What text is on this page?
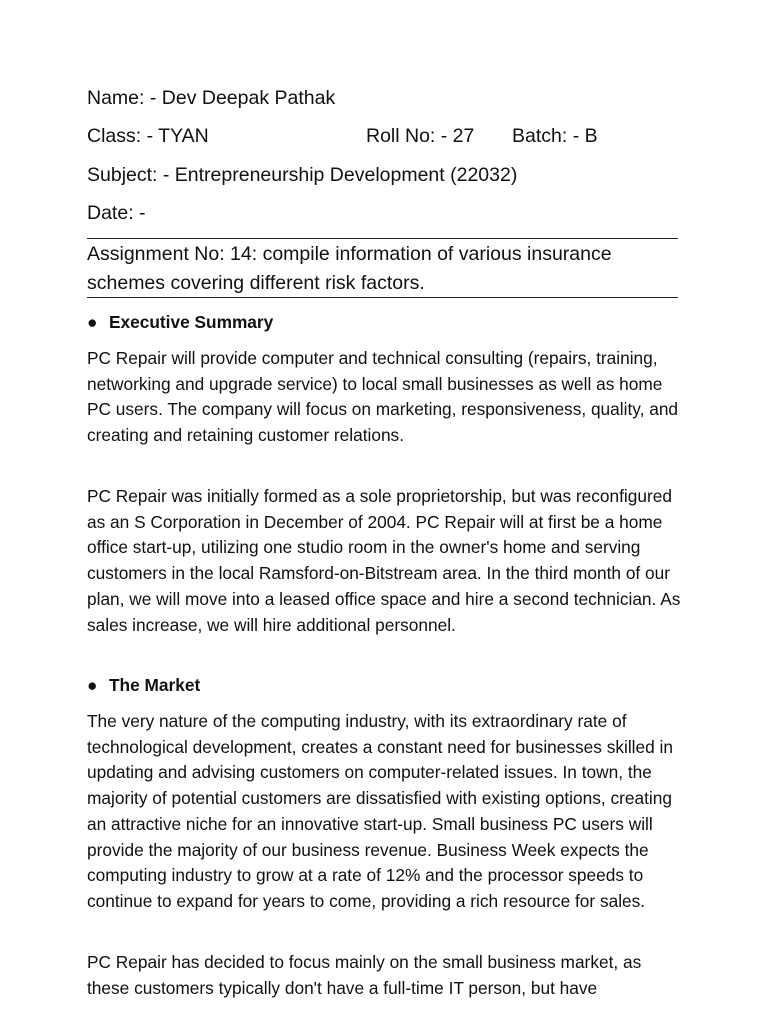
Name: - Dev Deepak Pathak
Class: - TYAN	Roll No: - 27 Batch: - B
Subject: - Entrepreneurship Development (22032)
Date: -

Assignment No: 14: compile information of various insurance schemes covering different risk factors.

● Executive Summary

PC Repair will provide computer and technical consulting (repairs, training, networking and upgrade service) to local small businesses as well as home PC users. The company will focus on marketing, responsiveness, quality, and creating and retaining customer relations.

PC Repair was initially formed as a sole proprietorship, but was reconfigured as an S Corporation in December of 2004. PC Repair will at first be a home office start-up, utilizing one studio room in the owner's home and serving customers in the local Ramsford-on-Bitstream area. In the third month of our plan, we will move into a leased office space and hire a second technician. As sales increase, we will hire additional personnel.

● The Market

The very nature of the computing industry, with its extraordinary rate of technological development, creates a constant need for businesses skilled in updating and advising customers on computer-related issues. In town, the majority of potential customers are dissatisfied with existing options, creating an attractive niche for an innovative start-up. Small business PC users will provide the majority of our business revenue. Business Week expects the computing industry to grow at a rate of 12% and the processor speeds to continue to expand for years to come, providing a rich resource for sales.

PC Repair has decided to focus mainly on the small business market, as these customers typically don't have a full-time IT person, but have
